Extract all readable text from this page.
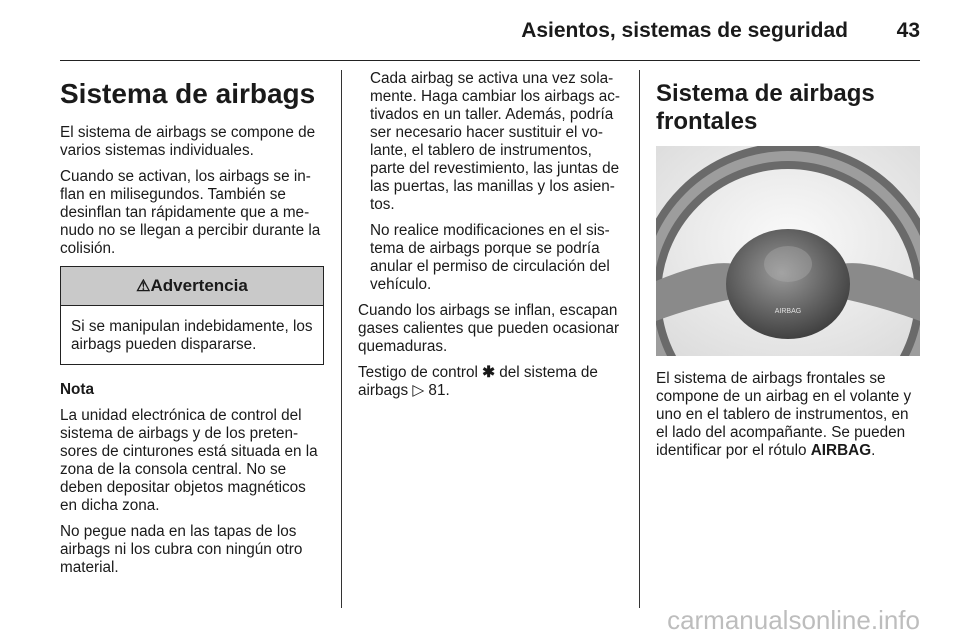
Asientos, sistemas de seguridad 43
Sistema de airbags

El sistema de airbags se compone de varios sistemas individuales.

Cuando se activan, los airbags se inflan en milisegundos. También se desinflan tan rápidamente que a menudo no se llegan a percibir durante la colisión.

⚠Advertencia
Si se manipulan indebidamente, los airbags pueden dispararse.

Nota

La unidad electrónica de control del sistema de airbags y de los pretensores de cinturones está situada en la zona de la consola central. No se deben depositar objetos magnéticos en dicha zona.

No pegue nada en las tapas de los airbags ni los cubra con ningún otro material.

Cada airbag se activa una vez solamente. Haga cambiar los airbags activados en un taller. Además, podría ser necesario hacer sustituir el volante, el tablero de instrumentos, parte del revestimiento, las juntas de las puertas, las manillas y los asientos.

No realice modificaciones en el sistema de airbags porque se podría anular el permiso de circulación del vehículo.

Cuando los airbags se inflan, escapan gases calientes que pueden ocasionar quemaduras.

Testigo de control ✱ del sistema de airbags ▷ 81.

Sistema de airbags frontales
AIRBAG

El sistema de airbags frontales se compone de un airbag en el volante y uno en el tablero de instrumentos, en el lado del acompañante. Se pueden identificar por el rótulo AIRBAG.

carmanualsonline.info
